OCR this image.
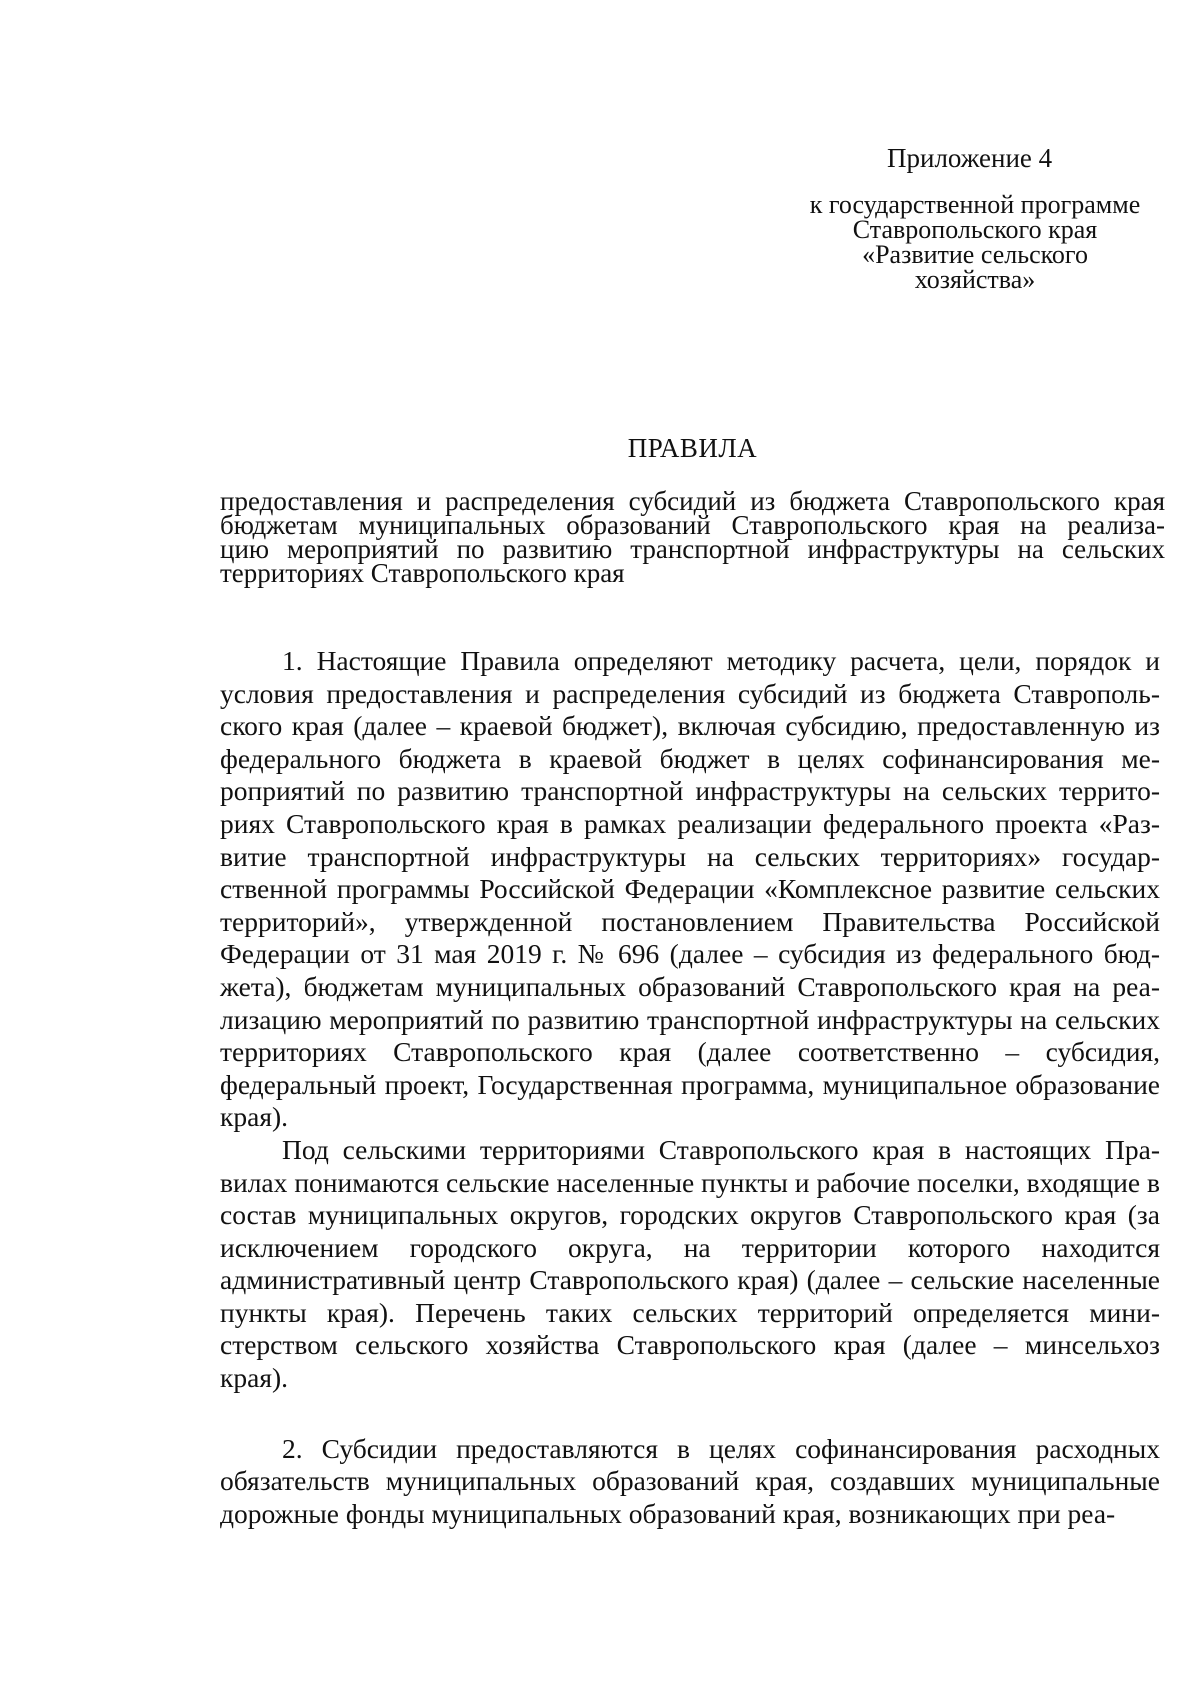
Приложение 4
к государственной программе
Ставропольского края
«Развитие сельского
хозяйства»
ПРАВИЛА
предоставления и распределения субсидий из бюджета Ставропольского края
бюджетам муниципальных образований Ставропольского края на реализа-
цию мероприятий по развитию транспортной инфраструктуры на сельских
территориях Ставропольского края

1. Настоящие Правила определяют методику расчета, цели, порядок и условия предоставления и распределения субсидий из бюджета Ставропольского края (далее – краевой бюджет), включая субсидию, предоставленную из федерального бюджета в краевой бюджет в целях софинансирования мероприятий по развитию транспортной инфраструктуры на сельских территориях Ставропольского края в рамках реализации федерального проекта «Развитие транспортной инфраструктуры на сельских территориях» государственной программы Российской Федерации «Комплексное развитие сельских территорий», утвержденной постановлением Правительства Российской Федерации от 31 мая 2019 г. № 696 (далее – субсидия из федерального бюджета), бюджетам муниципальных образований Ставропольского края на реализацию мероприятий по развитию транспортной инфраструктуры на сельских территориях Ставропольского края (далее соответственно – субсидия, федеральный проект, Государственная программа, муниципальное образование края).

Под сельскими территориями Ставропольского края в настоящих Правилах понимаются сельские населенные пункты и рабочие поселки, входящие в состав муниципальных округов, городских округов Ставропольского края (за исключением городского округа, на территории которого находится административный центр Ставропольского края) (далее – сельские населенные пункты края). Перечень таких сельских территорий определяется министерством сельского хозяйства Ставропольского края (далее – минсельхоз края).

2. Субсидии предоставляются в целях софинансирования расходных обязательств муниципальных образований края, создавших муниципальные дорожные фонды муниципальных образований края, возникающих при реа-
